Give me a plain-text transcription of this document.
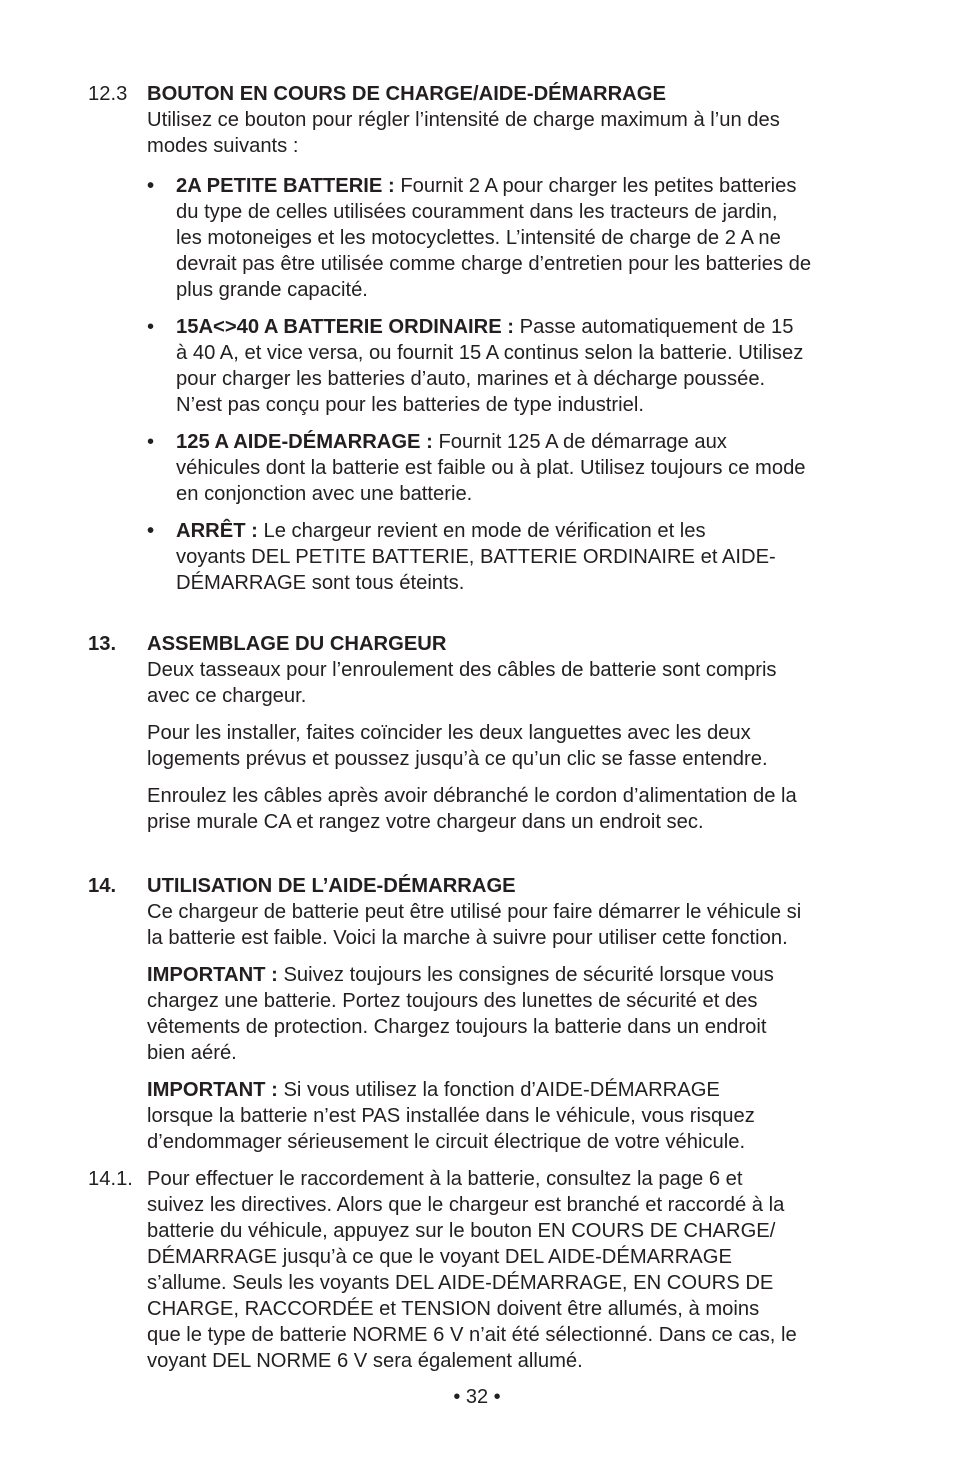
12.3 BOUTON EN COURS DE CHARGE/AIDE-DÉMARRAGE
Utilisez ce bouton pour régler l’intensité de charge maximum à l’un des
modes suivants :
• 2A PETITE BATTERIE : Fournit 2 A pour charger les petites batteries
du type de celles utilisées couramment dans les tracteurs de jardin,
les motoneiges et les motocyclettes. L’intensité de charge de 2 A ne
devrait pas être utilisée comme charge d’entretien pour les batteries de
plus grande capacité.
• 15A<>40 A BATTERIE ORDINAIRE : Passe automatiquement de 15
à 40 A, et vice versa, ou fournit 15 A continus selon la batterie. Utilisez
pour charger les batteries d’auto, marines et à décharge poussée.
N’est pas conçu pour les batteries de type industriel.
• 125 A AIDE-DÉMARRAGE : Fournit 125 A de démarrage aux
véhicules dont la batterie est faible ou à plat. Utilisez toujours ce mode
en conjonction avec une batterie.
• ARRÊT : Le chargeur revient en mode de vérification et les
voyants DEL PETITE BATTERIE, BATTERIE ORDINAIRE et AIDE-
DÉMARRAGE sont tous éteints.
13. ASSEMBLAGE DU CHARGEUR
Deux tasseaux pour l’enroulement des câbles de batterie sont compris
avec ce chargeur.
Pour les installer, faites coïncider les deux languettes avec les deux
logements prévus et poussez jusqu’à ce qu’un clic se fasse entendre.
Enroulez les câbles après avoir débranché le cordon d’alimentation de la
prise murale CA et rangez votre chargeur dans un endroit sec.
14. UTILISATION DE L’AIDE-DÉMARRAGE
Ce chargeur de batterie peut être utilisé pour faire démarrer le véhicule si
la batterie est faible. Voici la marche à suivre pour utiliser cette fonction.
IMPORTANT : Suivez toujours les consignes de sécurité lorsque vous
chargez une batterie. Portez toujours des lunettes de sécurité et des
vêtements de protection. Chargez toujours la batterie dans un endroit
bien aéré.
IMPORTANT : Si vous utilisez la fonction d’AIDE-DÉMARRAGE
lorsque la batterie n’est PAS installée dans le véhicule, vous risquez
d’endommager sérieusement le circuit électrique de votre véhicule.
14.1. Pour effectuer le raccordement à la batterie, consultez la page 6 et
suivez les directives. Alors que le chargeur est branché et raccordé à la
batterie du véhicule, appuyez sur le bouton EN COURS DE CHARGE/
DÉMARRAGE jusqu’à ce que le voyant DEL AIDE-DÉMARRAGE
s’allume. Seuls les voyants DEL AIDE-DÉMARRAGE, EN COURS DE
CHARGE, RACCORDÉE et TENSION doivent être allumés, à moins
que le type de batterie NORME 6 V n’ait été sélectionné. Dans ce cas, le
voyant DEL NORME 6 V sera également allumé.
• 32 •
